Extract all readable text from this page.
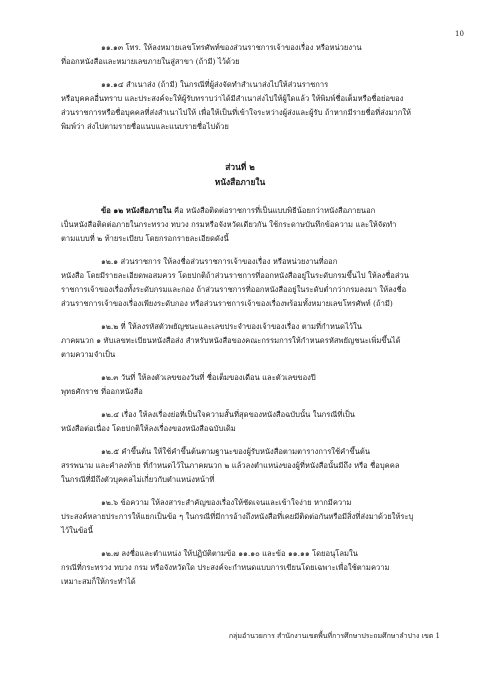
10
๑๑.๑๓ โทร. ให้ลงหมายเลขโทรศัพท์ของส่วนราชการเจ้าของเรื่อง หรือหน่วยงาน
ที่ออกหนังสือและหมายเลขภายในสู่สาขา (ถ้ามี) ไว้ด้วย
๑๑.๑๔ สำเนาส่ง (ถ้ามี) ในกรณีที่ผู้ส่งจัดทำสำเนาส่งไปให้ส่วนราชการ
หรือบุคคลอื่นทราบ และประสงค์จะให้ผู้รับทราบว่าได้มีสำเนาส่งไปให้ผู้ใดแล้ว ให้พิมพ์ชื่อเต็มหรือชื่อย่อของ
ส่วนราชการหรือชื่อบุคคลที่ส่งสำเนาไปให้ เพื่อให้เป็นที่เข้าใจระหว่างผู้ส่งและผู้รับ ถ้าหากมีรายชื่อที่ส่งมากให้
พิมพ์ว่า ส่งไปตามรายชื่อแนบและแนบรายชื่อไปด้วย
ส่วนที่ ๒
หนังสือภายใน
ข้อ ๑๒ หนังสือภายใน คือ หนังสือติดต่อราชการที่เป็นแบบพิธีน้อยกว่าหนังสือภายนอก
เป็นหนังสือติดต่อภายในกระทรวง ทบวง กรมหรือจังหวัดเดียวกัน ใช้กระดาษบันทึกข้อความ และให้จัดทำ
ตามแบบที่ ๒ ท้ายระเบียบ โดยกรอกรายละเอียดดังนี้
๑๒.๑ ส่วนราชการ ให้ลงชื่อส่วนราชการเจ้าของเรื่อง หรือหน่วยงานที่ออก
หนังสือ โดยมีรายละเอียดพอสมควร โดยปกติถ้าส่วนราชการที่ออกหนังสืออยู่ในระดับกรมขึ้นไป ให้ลงชื่อส่วน
ราชการเจ้าของเรื่องทั้งระดับกรมและกอง ถ้าส่วนราชการที่ออกหนังสืออยู่ในระดับต่ำกว่ากรมลงมา ให้ลงชื่อ
ส่วนราชการเจ้าของเรื่องเพียงระดับกอง หรือส่วนราชการเจ้าของเรื่องพร้อมทั้งหมายเลขโทรศัพท์ (ถ้ามี)
๑๒.๒ ที่ ให้ลงรหัสตัวพยัญชนะและเลขประจำของเจ้าของเรื่อง ตามที่กำหนดไว้ใน
ภาคผนวก ๑ ทับเลขทะเบียนหนังสือส่ง สำหรับหนังสือของคณะกรรมการให้กำหนดรหัสพยัญชนะเพิ่มขึ้นได้
ตามความจำเป็น
๑๒.๓ วันที่ ให้ลงตัวเลขของวันที่ ชื่อเต็มของเดือน และตัวเลขของปี
พุทธศักราช ที่ออกหนังสือ
๑๒.๔ เรื่อง ให้ลงเรื่องย่อที่เป็นใจความสั้นที่สุดของหนังสือฉบับนั้น ในกรณีที่เป็น
หนังสือต่อเนื่อง โดยปกติให้ลงเรื่องของหนังสือฉบับเดิม
๑๒.๕ คำขึ้นต้น ให้ใช้คำขึ้นต้นตามฐานะของผู้รับหนังสือตามตารางการใช้คำขึ้นต้น
สรรพนาม และคำลงท้าย ที่กำหนดไว้ในภาคผนวก ๒ แล้วลงตำแหน่งของผู้ที่หนังสือนั้นมีถึง หรือ ชื่อบุคคล
ในกรณีที่มีถึงตัวบุคคลไม่เกี่ยวกับตำแหน่งหน้าที่
๑๒.๖ ข้อความ ให้ลงสาระสำคัญของเรื่องให้ชัดเจนและเข้าใจง่าย หากมีความ
ประสงค์หลายประการให้แยกเป็นข้อ ๆ ในกรณีที่มีการอ้างถึงหนังสือที่เคยมีติดต่อกันหรือมีสิ่งที่ส่งมาด้วยให้ระบุ
ไว้ในข้อนี้
๑๒.๗ ลงชื่อและตำแหน่ง ให้ปฏิบัติตามข้อ ๑๑.๑๐ และข้อ ๑๑.๑๑ โดยอนุโลมใน
กรณีที่กระทรวง ทบวง กรม หรือจังหวัดใด ประสงค์จะกำหนดแบบการเขียนโดยเฉพาะเพื่อใช้ตามความ
เหมาะสมก็ให้กระทำได้
กลุ่มอำนวยการ สำนักงานเขตพื้นที่การศึกษาประถมศึกษาลำปาง เขต 1
